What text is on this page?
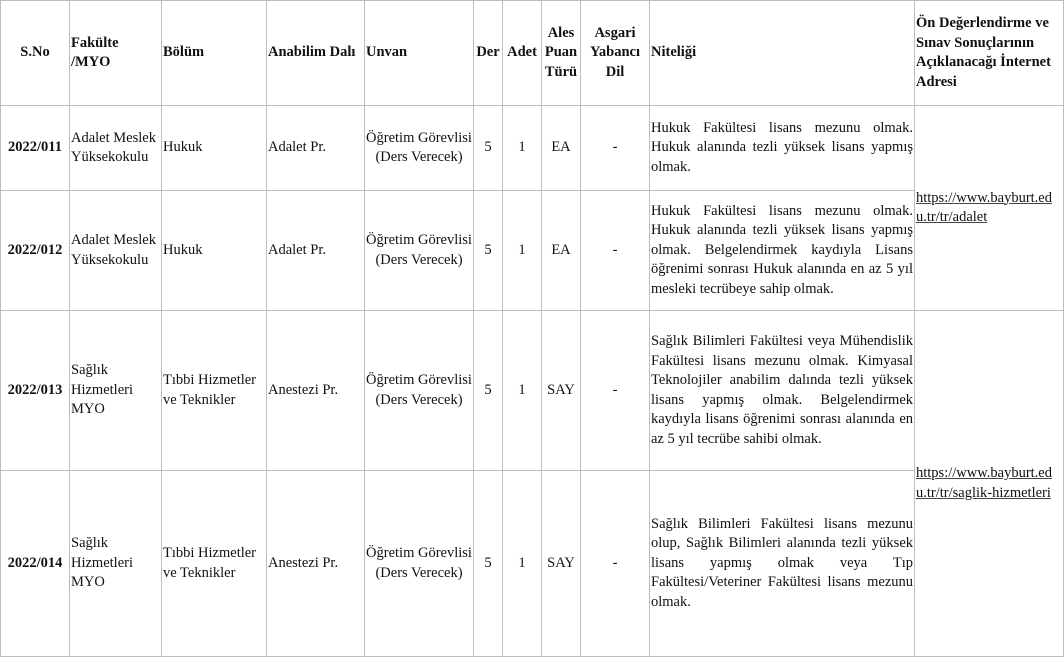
S.No	Fakülte /MYO	Bölüm	Anabilim Dalı	Unvan	Der	Adet	Ales Puan Türü	Asgari Yabancı Dil	Niteliği	Ön Değerlendirme ve Sınav Sonuçlarının Açıklanacağı İnternet Adresi
2022/011	Adalet Meslek Yüksekokulu	Hukuk	Adalet Pr.	Öğretim Görevlisi (Ders Verecek)	5	1	EA	-	Hukuk Fakültesi lisans mezunu olmak. Hukuk alanında tezli yüksek lisans yapmış olmak.	https://www.bayburt.edu.tr/tr/adalet
2022/012	Adalet Meslek Yüksekokulu	Hukuk	Adalet Pr.	Öğretim Görevlisi (Ders Verecek)	5	1	EA	-	Hukuk Fakültesi lisans mezunu olmak. Hukuk alanında tezli yüksek lisans yapmış olmak. Belgelendirmek kaydıyla Lisans öğrenimi sonrası Hukuk alanında en az 5 yıl mesleki tecrübeye sahip olmak.	
2022/013	Sağlık Hizmetleri MYO	Tıbbi Hizmetler ve Teknikler	Anestezi Pr.	Öğretim Görevlisi (Ders Verecek)	5	1	SAY	-	Sağlık Bilimleri Fakültesi veya Mühendislik Fakültesi lisans mezunu olmak. Kimyasal Teknolojiler anabilim dalında tezli yüksek lisans yapmış olmak. Belgelendirmek kaydıyla lisans öğrenimi sonrası alanında en az 5 yıl tecrübe sahibi olmak.	https://www.bayburt.edu.tr/tr/saglik-hizmetleri
2022/014	Sağlık Hizmetleri MYO	Tıbbi Hizmetler ve Teknikler	Anestezi Pr.	Öğretim Görevlisi (Ders Verecek)	5	1	SAY	-	Sağlık Bilimleri Fakültesi lisans mezunu olup, Sağlık Bilimleri alanında tezli yüksek lisans yapmış olmak veya Tıp Fakültesi/Veteriner Fakültesi lisans mezunu olmak.	
